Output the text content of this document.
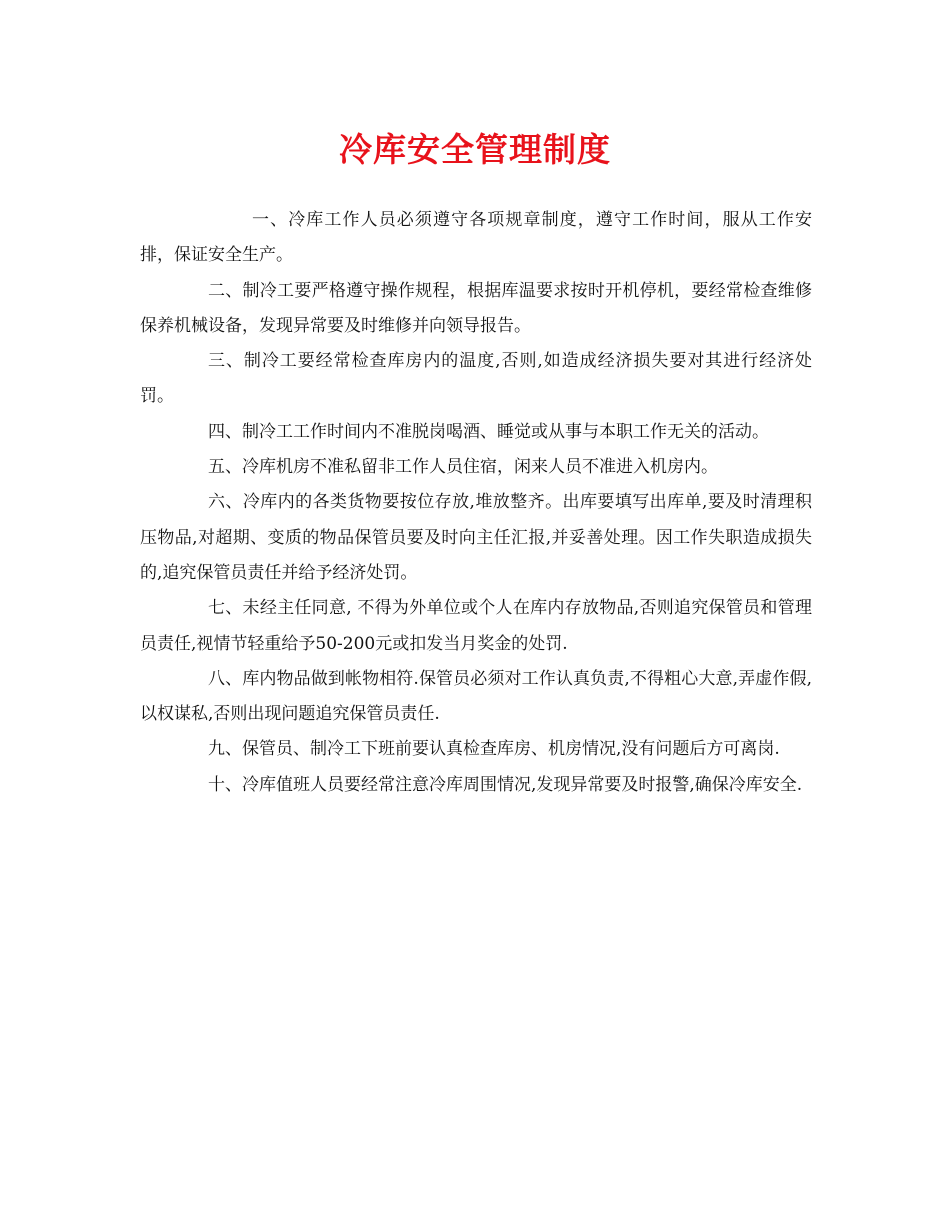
冷库安全管理制度

一、冷库工作人员必须遵守各项规章制度，遵守工作时间，服从工作安排，保证安全生产。

二、制冷工要严格遵守操作规程，根据库温要求按时开机停机，要经常检查维修保养机械设备，发现异常要及时维修并向领导报告。

三、制冷工要经常检查库房内的温度,否则,如造成经济损失要对其进行经济处罚。

四、制冷工工作时间内不准脱岗喝酒、睡觉或从事与本职工作无关的活动。

五、冷库机房不准私留非工作人员住宿，闲来人员不准进入机房内。

六、冷库内的各类货物要按位存放,堆放整齐。出库要填写出库单,要及时清理积压物品,对超期、变质的物品保管员要及时向主任汇报,并妥善处理。因工作失职造成损失的,追究保管员责任并给予经济处罚。

七、未经主任同意, 不得为外单位或个人在库内存放物品,否则追究保管员和管理员责任,视情节轻重给予50-200元或扣发当月奖金的处罚.

八、库内物品做到帐物相符.保管员必须对工作认真负责,不得粗心大意,弄虚作假,以权谋私,否则出现问题追究保管员责任.

九、保管员、制冷工下班前要认真检查库房、机房情况,没有问题后方可离岗.

十、冷库值班人员要经常注意冷库周围情况,发现异常要及时报警,确保冷库安全.
